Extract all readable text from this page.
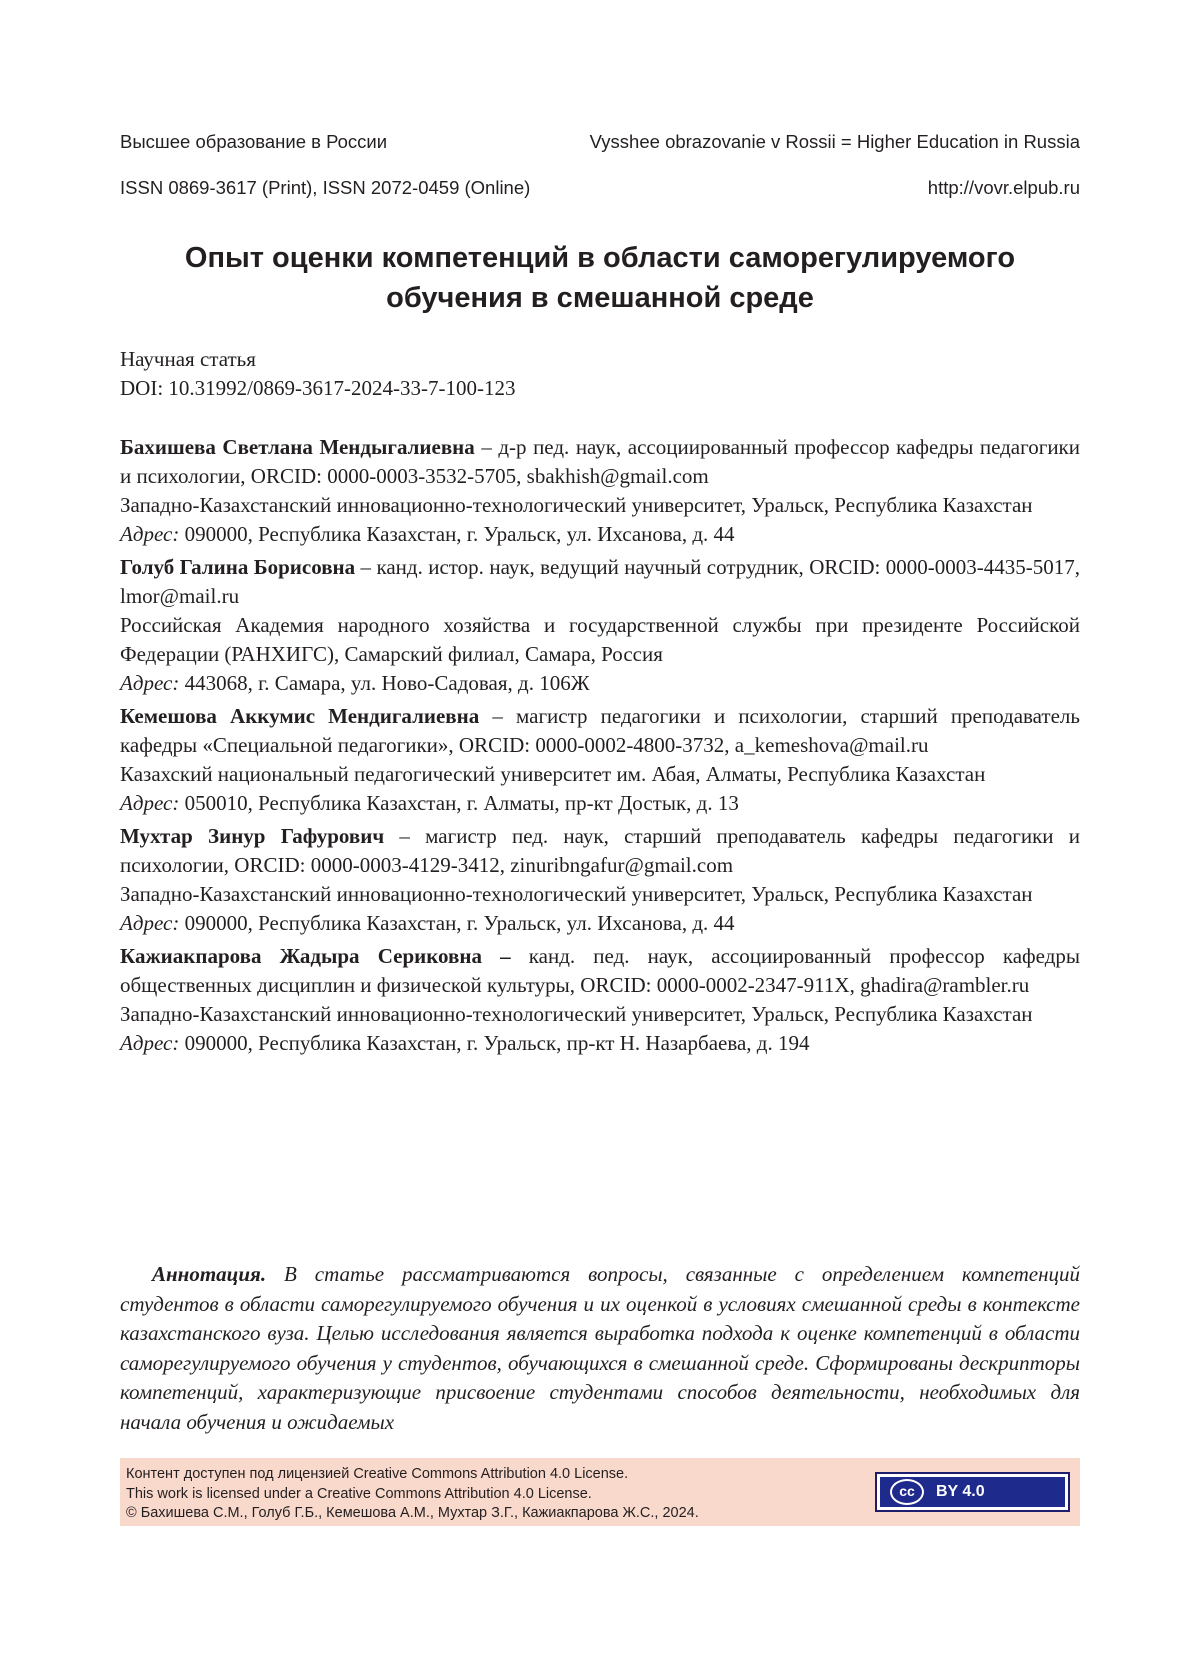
Высшее образование в России	Vysshee obrazovanie v Rossii = Higher Education in Russia
ISSN 0869-3617 (Print), ISSN 2072-0459 (Online)	http://vovr.elpub.ru
Опыт оценки компетенций в области саморегулируемого
обучения в смешанной среде
Научная статья
DOI: 10.31992/0869-3617-2024-33-7-100-123

Бахишева Светлана Мендыгалиевна – д-р пед. наук, ассоциированный профессор кафедры педагогики и психологии, ORCID: 0000-0003-3532-5705, sbakhish@gmail.com

Западно-Казахстанский инновационно-технологический университет, Уральск, Республика Казахстан

Адрес: 090000, Республика Казахстан, г. Уральск, ул. Ихсанова, д. 44

Голуб Галина Борисовна – канд. истор. наук, ведущий научный сотрудник, ORCID: 0000-0003-4435-5017, lmor@mail.ru

Российская Академия народного хозяйства и государственной службы при президенте Российской Федерации (РАНХИГС), Самарский филиал, Самара, Россия

Адрес: 443068, г. Самара, ул. Ново-Садовая, д. 106Ж

Кемешова Аккумис Мендигалиевна – магистр педагогики и психологии, старший преподаватель кафедры «Специальной педагогики», ORCID: 0000-0002-4800-3732, a_kemeshova@mail.ru

Казахский национальный педагогический университет им. Абая, Алматы, Республика Казахстан

Адрес: 050010, Республика Казахстан, г. Алматы, пр-кт Достык, д. 13

Мухтар Зинур Гафурович – магистр пед. наук, старший преподаватель кафедры педагогики и психологии, ORCID: 0000-0003-4129-3412, zinuribngafur@gmail.com

Западно-Казахстанский инновационно-технологический университет, Уральск, Республика Казахстан

Адрес: 090000, Республика Казахстан, г. Уральск, ул. Ихсанова, д. 44

Кажиакпарова Жадыра Сериковна – канд. пед. наук, ассоциированный профессор кафедры общественных дисциплин и физической культуры, ORCID: 0000-0002-2347-911X, ghadira@rambler.ru

Западно-Казахстанский инновационно-технологический университет, Уральск, Республика Казахстан

Адрес: 090000, Республика Казахстан, г. Уральск, пр-кт Н. Назарбаева, д. 194

Аннотация. В статье рассматриваются вопросы, связанные с определением компетенций студентов в области саморегулируемого обучения и их оценкой в условиях смешанной среды в контексте казахстанского вуза. Целью исследования является выработка подхода к оценке компетенций в области саморегулируемого обучения у студентов, обучающихся в смешанной среде. Сформированы дескрипторы компетенций, характеризующие присвоение студентами способов деятельности, необходимых для начала обучения и ожидаемых

Контент доступен под лицензией Creative Commons Attribution 4.0 License.
This work is licensed under a Creative Commons Attribution 4.0 License.
© Бахишева С.М., Голуб Г.Б., Кемешова А.М., Мухтар З.Г., Кажиакпарова Ж.С., 2024.
cc	BY 4.0
